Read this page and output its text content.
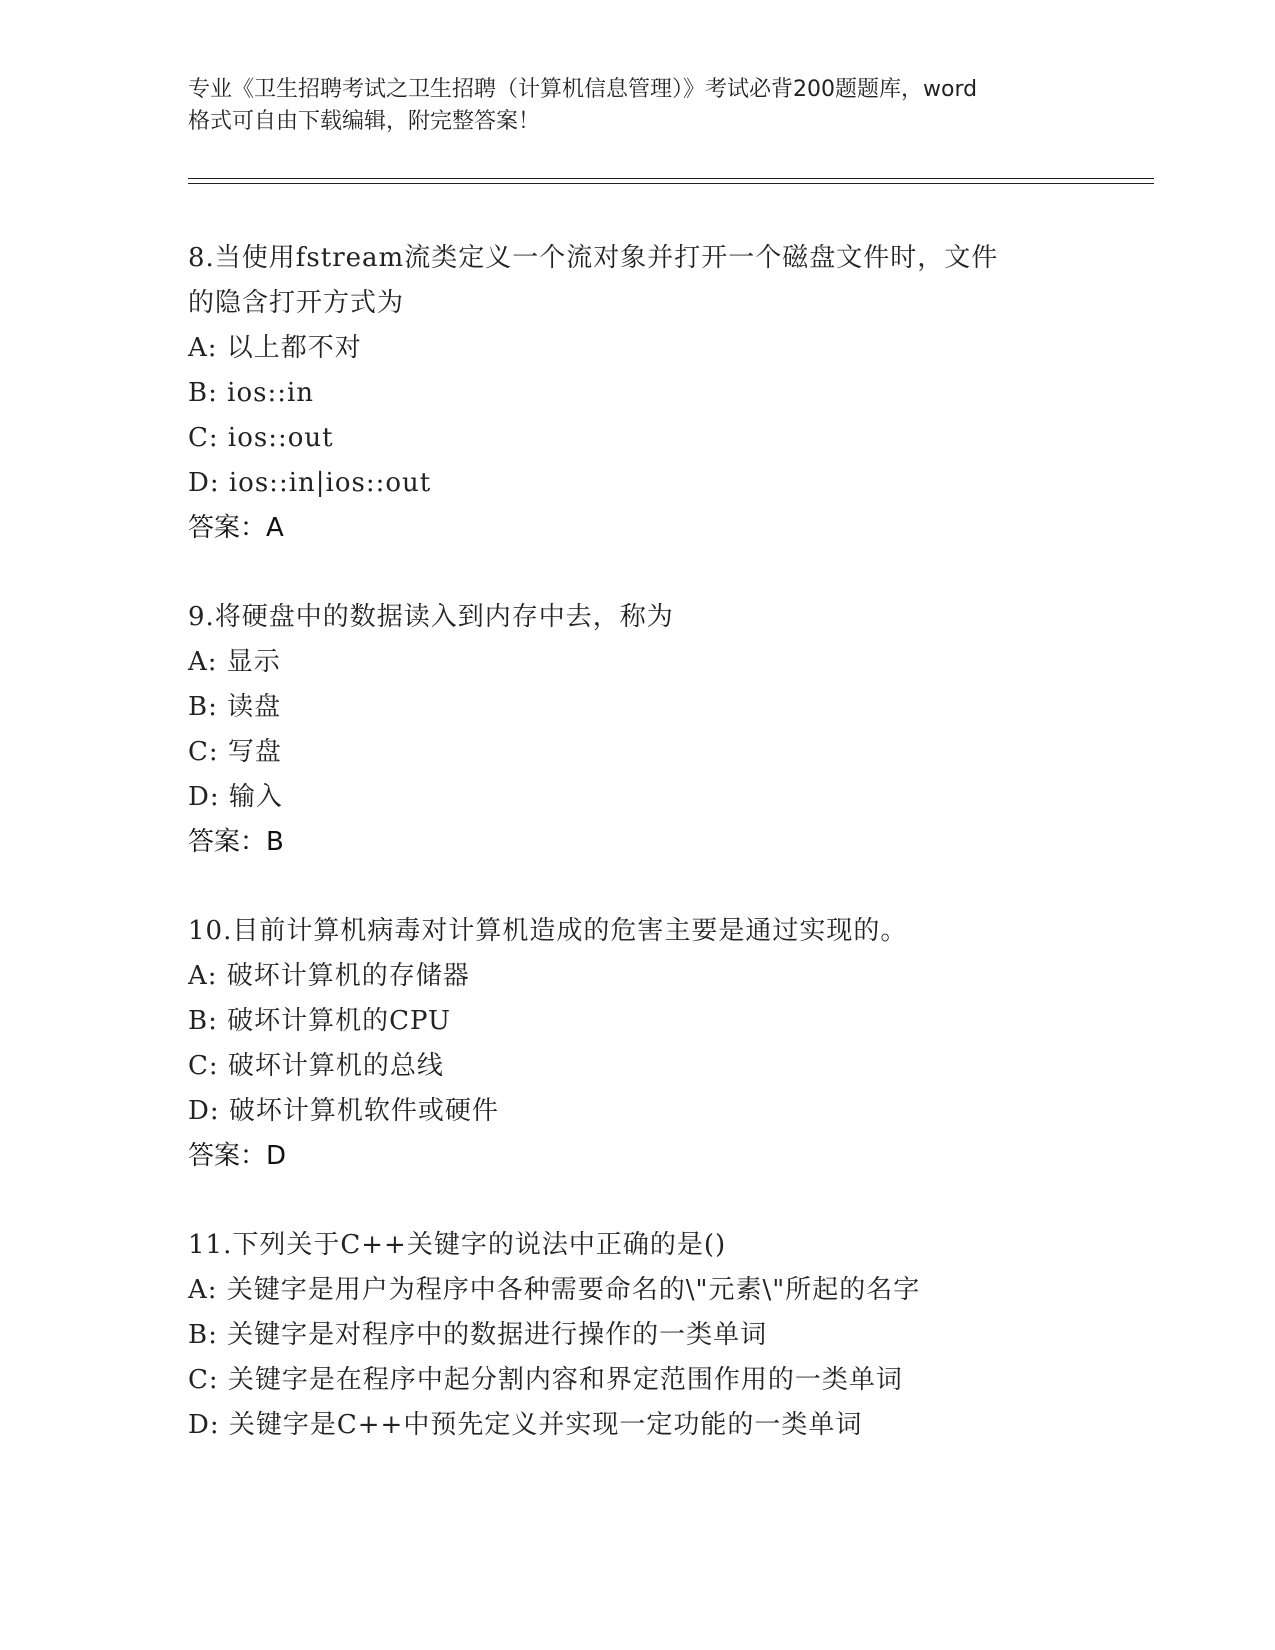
专业《卫生招聘考试之卫生招聘（计算机信息管理）》考试必背200题题库，word
格式可自由下载编辑，附完整答案！
8.当使用fstream流类定义一个流对象并打开一个磁盘文件时，文件
的隐含打开方式为
A: 以上都不对
B: ios::in
C: ios::out
D: ios::in|ios::out
答案：A
9.将硬盘中的数据读入到内存中去，称为
A: 显示
B: 读盘
C: 写盘
D: 输入
答案：B
10.目前计算机病毒对计算机造成的危害主要是通过实现的。
A: 破坏计算机的存储器
B: 破坏计算机的CPU
C: 破坏计算机的总线
D: 破坏计算机软件或硬件
答案：D
11.下列关于C++关键字的说法中正确的是()
A: 关键字是用户为程序中各种需要命名的\"元素\"所起的名字
B: 关键字是对程序中的数据进行操作的一类单词
C: 关键字是在程序中起分割内容和界定范围作用的一类单词
D: 关键字是C++中预先定义并实现一定功能的一类单词
